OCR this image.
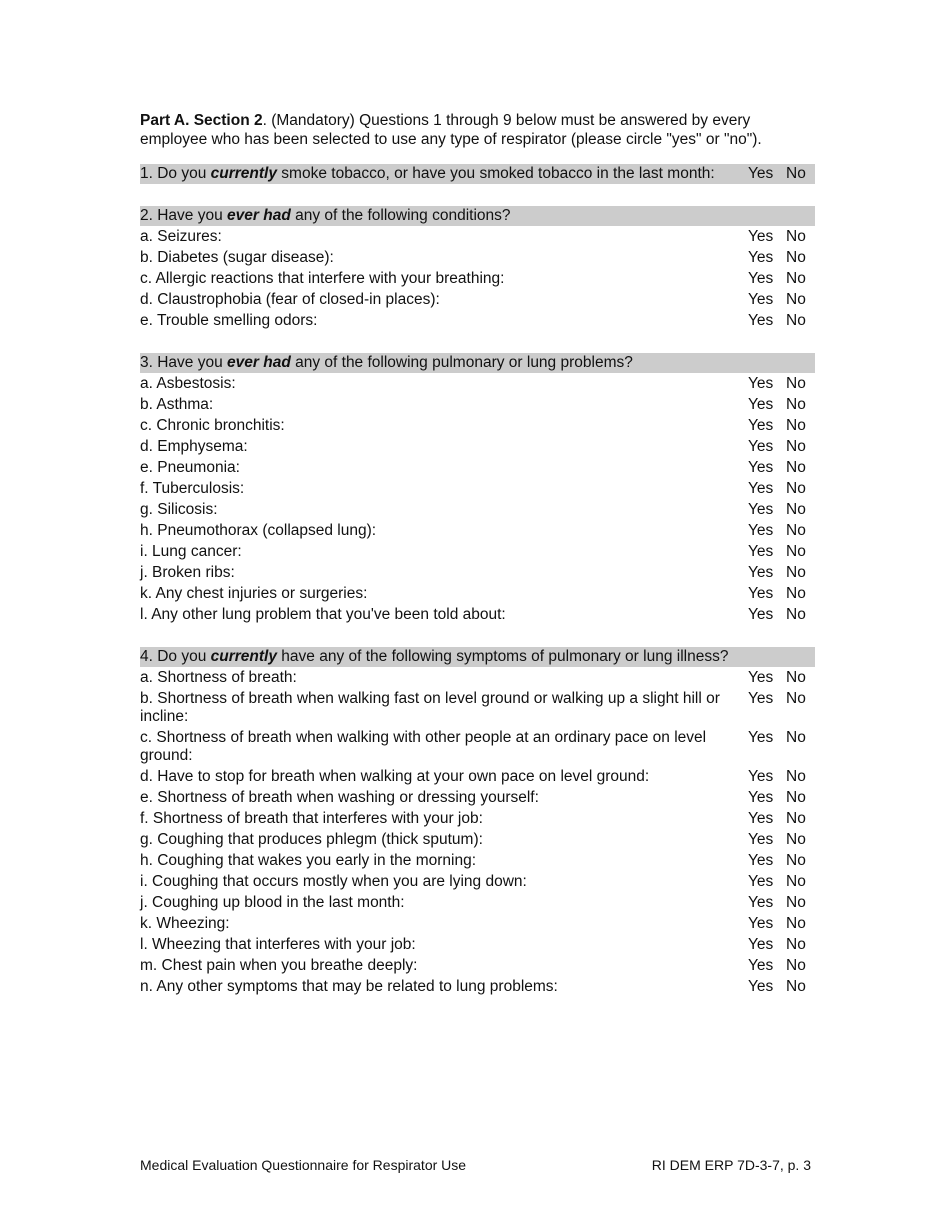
Part A. Section 2. (Mandatory) Questions 1 through 9 below must be answered by every employee who has been selected to use any type of respirator (please circle "yes" or "no").

1. Do you currently smoke tobacco, or have you smoked tobacco in the last month:	Yes No
2. Have you ever had any of the following conditions?
a. Seizures:	Yes No
b. Diabetes (sugar disease):	Yes No
c. Allergic reactions that interfere with your breathing:	Yes No
d. Claustrophobia (fear of closed-in places):	Yes No
e. Trouble smelling odors:	Yes No
3. Have you ever had any of the following pulmonary or lung problems?
a. Asbestosis:	Yes No
b. Asthma:	Yes No
c. Chronic bronchitis:	Yes No
d. Emphysema:	Yes No
e. Pneumonia:	Yes No
f. Tuberculosis:	Yes No
g. Silicosis:	Yes No
h. Pneumothorax (collapsed lung):	Yes No
i. Lung cancer:	Yes No
j. Broken ribs:	Yes No
k. Any chest injuries or surgeries:	Yes No
l. Any other lung problem that you've been told about:	Yes No
4. Do you currently have any of the following symptoms of pulmonary or lung illness?
a. Shortness of breath:	Yes No
b. Shortness of breath when walking fast on level ground or walking up a slight hill or incline:
Yes No
c. Shortness of breath when walking with other people at an ordinary pace on level ground:
Yes No
d. Have to stop for breath when walking at your own pace on level ground:	Yes No
e. Shortness of breath when washing or dressing yourself:	Yes No
f. Shortness of breath that interferes with your job:	Yes No
g. Coughing that produces phlegm (thick sputum):	Yes No
h. Coughing that wakes you early in the morning:	Yes No
i. Coughing that occurs mostly when you are lying down:	Yes No
j. Coughing up blood in the last month:	Yes No
k. Wheezing:	Yes No
l. Wheezing that interferes with your job:	Yes No
m. Chest pain when you breathe deeply:	Yes No
n. Any other symptoms that may be related to lung problems:	Yes No
Medical Evaluation Questionnaire for Respirator Use	RI DEM ERP 7D-3-7, p. 3
